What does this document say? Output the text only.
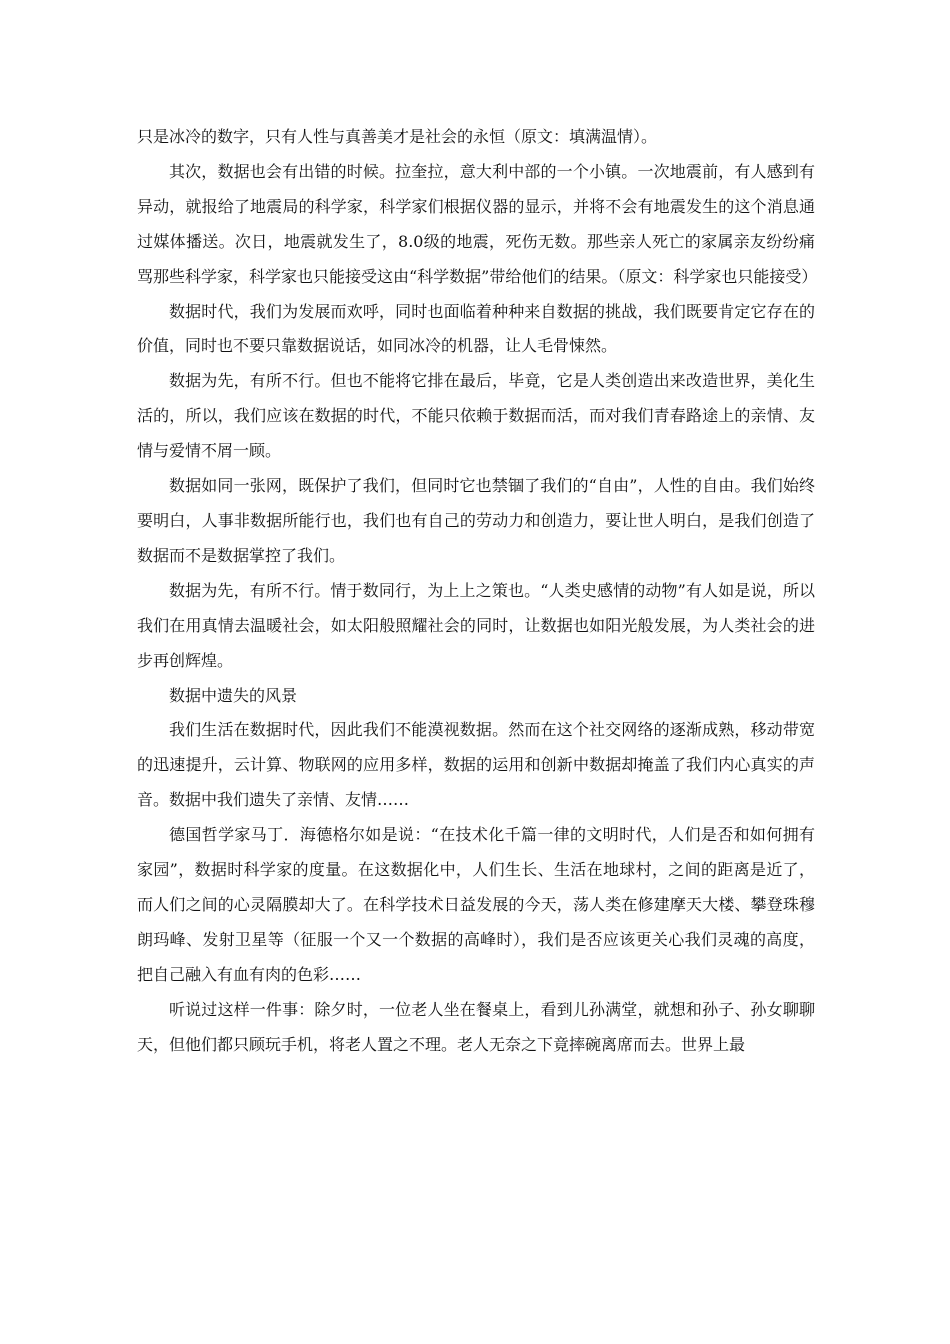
只是冰冷的数字，只有人性与真善美才是社会的永恒（原文：填满温情）。

其次，数据也会有出错的时候。拉奎拉，意大利中部的一个小镇。一次地震前，有人感到有异动，就报给了地震局的科学家，科学家们根据仪器的显示，并将不会有地震发生的这个消息通过媒体播送。次日，地震就发生了，8.0级的地震，死伤无数。那些亲人死亡的家属亲友纷纷痛骂那些科学家，科学家也只能接受这由“科学数据”带给他们的结果。（原文：科学家也只能接受）

数据时代，我们为发展而欢呼，同时也面临着种种来自数据的挑战，我们既要肯定它存在的价值，同时也不要只靠数据说话，如同冰冷的机器，让人毛骨悚然。

数据为先，有所不行。但也不能将它排在最后，毕竟，它是人类创造出来改造世界，美化生活的，所以，我们应该在数据的时代，不能只依赖于数据而活，而对我们青春路途上的亲情、友情与爱情不屑一顾。

数据如同一张网，既保护了我们，但同时它也禁锢了我们的“自由”，人性的自由。我们始终要明白，人事非数据所能行也，我们也有自己的劳动力和创造力，要让世人明白，是我们创造了数据而不是数据掌控了我们。

数据为先，有所不行。情于数同行，为上上之策也。“人类史感情的动物”有人如是说，所以我们在用真情去温暖社会，如太阳般照耀社会的同时，让数据也如阳光般发展，为人类社会的进步再创辉煌。

数据中遗失的风景

我们生活在数据时代，因此我们不能漠视数据。然而在这个社交网络的逐渐成熟，移动带宽的迅速提升，云计算、物联网的应用多样，数据的运用和创新中数据却掩盖了我们内心真实的声音。数据中我们遗失了亲情、友情……

德国哲学家马丁．海德格尔如是说：“在技术化千篇一律的文明时代，人们是否和如何拥有家园”，数据时科学家的度量。在这数据化中，人们生长、生活在地球村，之间的距离是近了，而人们之间的心灵隔膜却大了。在科学技术日益发展的今天，荡人类在修建摩天大楼、攀登珠穆朗玛峰、发射卫星等（征服一个又一个数据的高峰时），我们是否应该更关心我们灵魂的高度，把自己融入有血有肉的色彩……

听说过这样一件事：除夕时，一位老人坐在餐桌上，看到儿孙满堂，就想和孙子、孙女聊聊天，但他们都只顾玩手机，将老人置之不理。老人无奈之下竟摔碗离席而去。世界上最
